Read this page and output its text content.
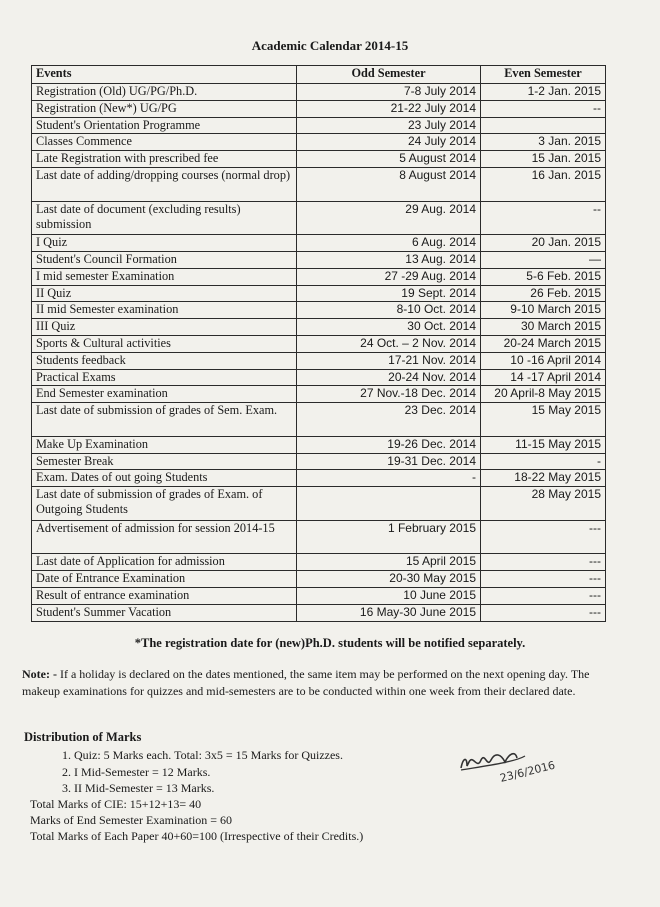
Academic Calendar 2014-15
Events	Odd Semester	Even Semester
Registration (Old) UG/PG/Ph.D.	7-8 July 2014	1-2 Jan. 2015
Registration (New*) UG/PG	21-22 July 2014	--
Student's Orientation Programme	23 July 2014	
Classes Commence	24 July 2014	3 Jan. 2015
Late Registration with prescribed fee	5 August 2014	15 Jan. 2015
Last date of adding/dropping courses (normal drop)	8 August 2014	16 Jan. 2015
Last date of document (excluding results) submission	29 Aug. 2014	--
I Quiz	6 Aug. 2014	20 Jan. 2015
Student's Council Formation	13 Aug. 2014	—
I mid semester Examination	27 -29 Aug. 2014	5-6 Feb. 2015
II Quiz	19 Sept. 2014	26 Feb. 2015
II mid Semester examination	8-10 Oct. 2014	9-10 March 2015
III Quiz	30 Oct. 2014	30 March 2015
Sports & Cultural activities	24 Oct. – 2 Nov. 2014	20-24 March 2015
Students feedback	17-21 Nov. 2014	10 -16 April 2014
Practical Exams	20-24 Nov. 2014	14 -17 April 2014
End Semester examination	27 Nov.-18 Dec. 2014	20 April-8 May 2015
Last date of submission of grades of Sem. Exam.	23 Dec. 2014	15 May 2015
Make Up Examination	19-26 Dec. 2014	11-15 May 2015
Semester Break	19-31 Dec. 2014	-
Exam. Dates of out going Students	-	18-22 May 2015
Last date of submission of grades of Exam. of Outgoing Students		28 May 2015
Advertisement of admission for session 2014-15	1 February 2015	---
Last date of Application for admission	15 April 2015	---
Date of Entrance Examination	20-30 May 2015	---
Result of entrance examination	10 June 2015	---
Student's Summer Vacation	16 May-30 June 2015	---
*The registration date for (new)Ph.D. students will be notified separately.
Note: - If a holiday is declared on the dates mentioned, the same item may be performed on the next opening day. The makeup examinations for quizzes and mid-semesters are to be conducted within one week from their declared date.
Distribution of Marks
1. Quiz: 5 Marks each. Total: 3x5 = 15 Marks for Quizzes.
2. I Mid-Semester = 12 Marks.
3. II Mid-Semester = 13 Marks.
Total Marks of CIE: 15+12+13= 40
Marks of End Semester Examination = 60
Total Marks of Each Paper 40+60=100 (Irrespective of their Credits.)
23/6/2016
